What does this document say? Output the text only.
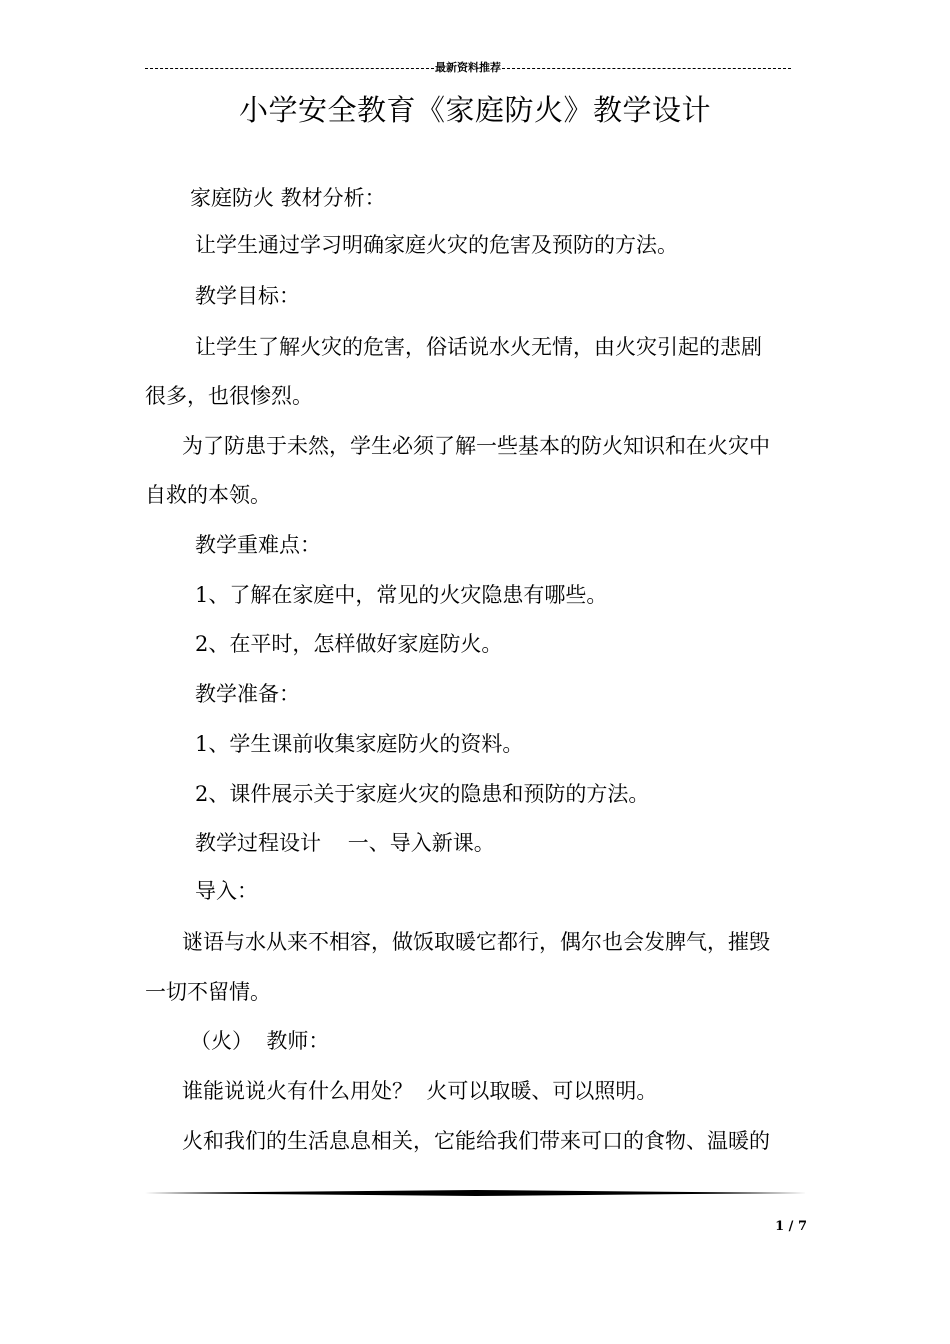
最新资料推荐
小学安全教育《家庭防火》教学设计

家庭防火 教材分析：

让学生通过学习明确家庭火灾的危害及预防的方法。

教学目标：

让学生了解火灾的危害，俗话说水火无情，由火灾引起的悲剧

很多，也很惨烈。

为了防患于未然，学生必须了解一些基本的防火知识和在火灾中

自救的本领。

教学重难点：

1、了解在家庭中，常见的火灾隐患有哪些。

2、在平时，怎样做好家庭防火。

教学准备：

1、学生课前收集家庭防火的资料。

2、课件展示关于家庭火灾的隐患和预防的方法。

教学过程设计    一、导入新课。

导入：

谜语与水从来不相容，做饭取暖它都行，偶尔也会发脾气，摧毁

一切不留情。

（火）  教师：

谁能说说火有什么用处？  火可以取暖、可以照明。

火和我们的生活息息相关，它能给我们带来可口的食物、温暖的

1 / 7
